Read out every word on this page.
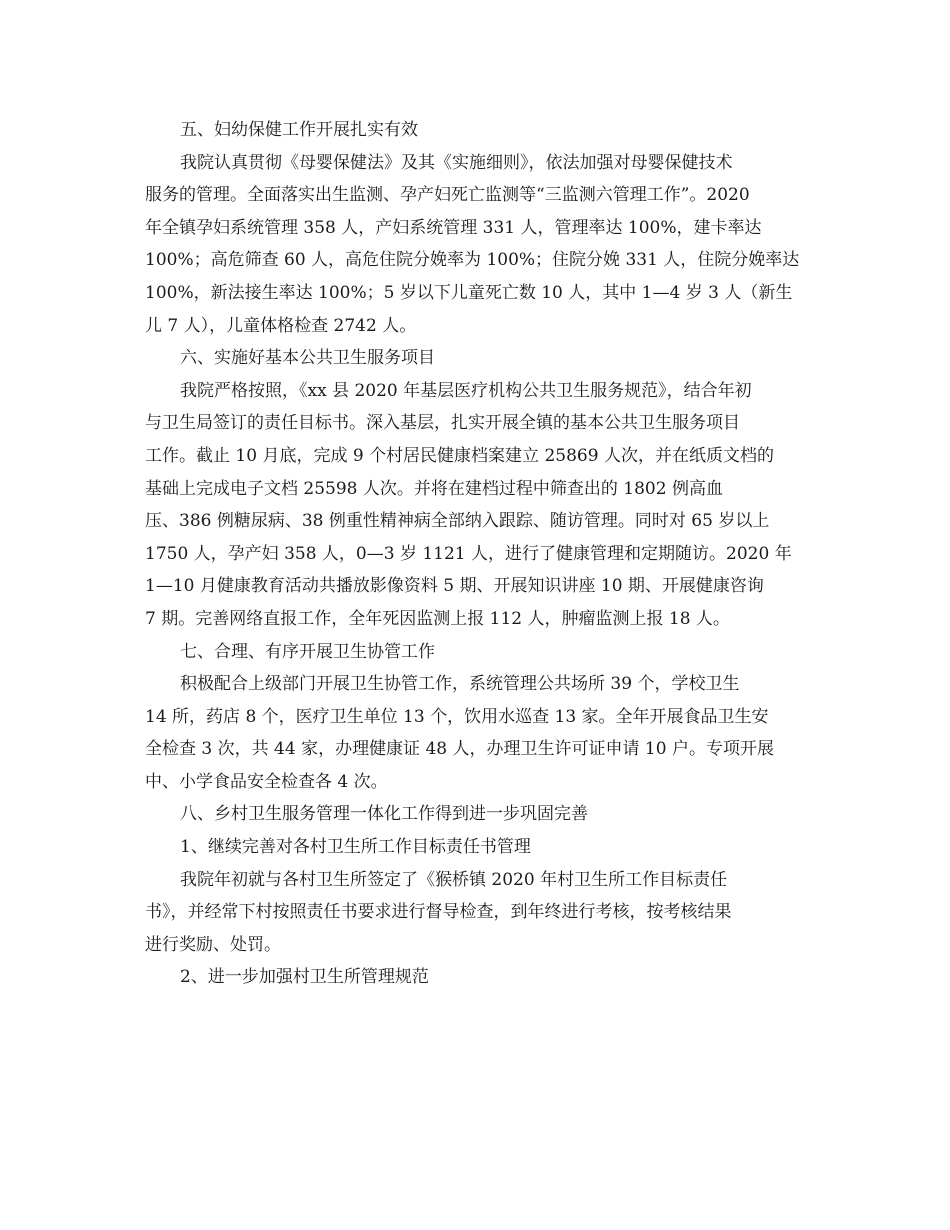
五、妇幼保健工作开展扎实有效
我院认真贯彻《母婴保健法》及其《实施细则》，依法加强对母婴保健技术
服务的管理。全面落实出生监测、孕产妇死亡监测等“三监测六管理工作”。2020
年全镇孕妇系统管理 358 人，产妇系统管理 331 人，管理率达 100%，建卡率达
100%；高危筛查 60 人，高危住院分娩率为 100%；住院分娩 331 人，住院分娩率达
100%，新法接生率达 100%；5 岁以下儿童死亡数 10 人，其中 1—4 岁 3 人（新生
儿 7 人），儿童体格检查 2742 人。
六、实施好基本公共卫生服务项目
我院严格按照，《xx 县 2020 年基层医疗机构公共卫生服务规范》，结合年初
与卫生局签订的责任目标书。深入基层，扎实开展全镇的基本公共卫生服务项目
工作。截止 10 月底，完成 9 个村居民健康档案建立 25869 人次，并在纸质文档的
基础上完成电子文档 25598 人次。并将在建档过程中筛查出的 1802 例高血
压、386 例糖尿病、38 例重性精神病全部纳入跟踪、随访管理。同时对 65 岁以上
1750 人，孕产妇 358 人，0—3 岁 1121 人，进行了健康管理和定期随访。2020 年
1—10 月健康教育活动共播放影像资料 5 期、开展知识讲座 10 期、开展健康咨询
7 期。完善网络直报工作，全年死因监测上报 112 人，肿瘤监测上报 18 人。
七、合理、有序开展卫生协管工作
积极配合上级部门开展卫生协管工作，系统管理公共场所 39 个，学校卫生
14 所，药店 8 个，医疗卫生单位 13 个，饮用水巡查 13 家。全年开展食品卫生安
全检查 3 次，共 44 家，办理健康证 48 人，办理卫生许可证申请 10 户。专项开展
中、小学食品安全检查各 4 次。
八、乡村卫生服务管理一体化工作得到进一步巩固完善
1、继续完善对各村卫生所工作目标责任书管理
我院年初就与各村卫生所签定了《猴桥镇 2020 年村卫生所工作目标责任
书》，并经常下村按照责任书要求进行督导检查，到年终进行考核，按考核结果
进行奖励、处罚。
2、进一步加强村卫生所管理规范
